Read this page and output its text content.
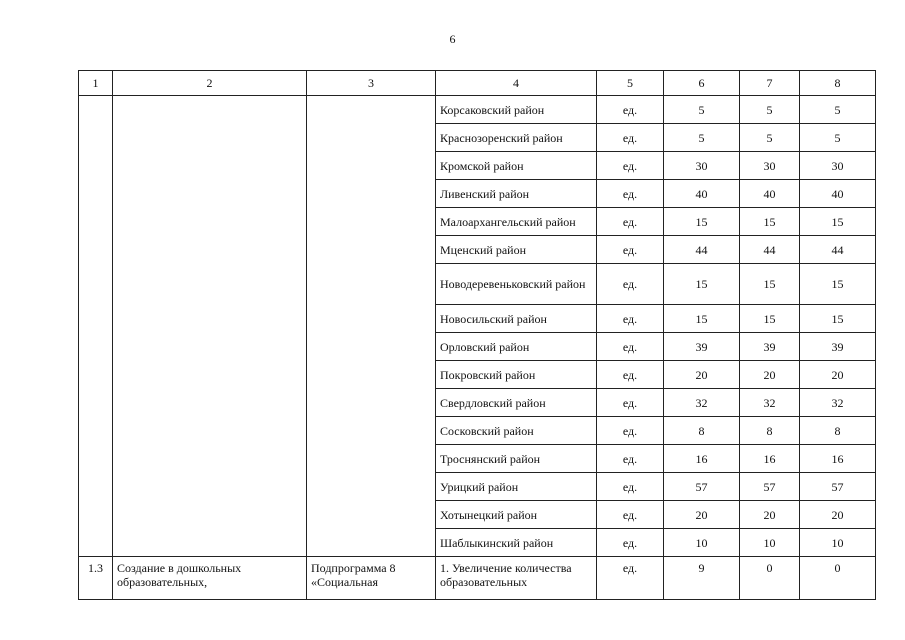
6
1	2	3	4	5	6	7	8
			Корсаковский район	ед.	5	5	5
			Краснозоренский район	ед.	5	5	5
			Кромской район	ед.	30	30	30
			Ливенский район	ед.	40	40	40
			Малоархангельский район	ед.	15	15	15
			Мценский район	ед.	44	44	44
			Новодеревеньковский район	ед.	15	15	15
			Новосильский район	ед.	15	15	15
			Орловский район	ед.	39	39	39
			Покровский район	ед.	20	20	20
			Свердловский район	ед.	32	32	32
			Сосковский район	ед.	8	8	8
			Троснянский район	ед.	16	16	16
			Урицкий район	ед.	57	57	57
			Хотынецкий район	ед.	20	20	20
			Шаблыкинский район	ед.	10	10	10
1.3	Создание в дошкольных образовательных,	Подпрограмма 8 «Социальная	1. Увеличение количества образовательных	ед.	9	0	0
